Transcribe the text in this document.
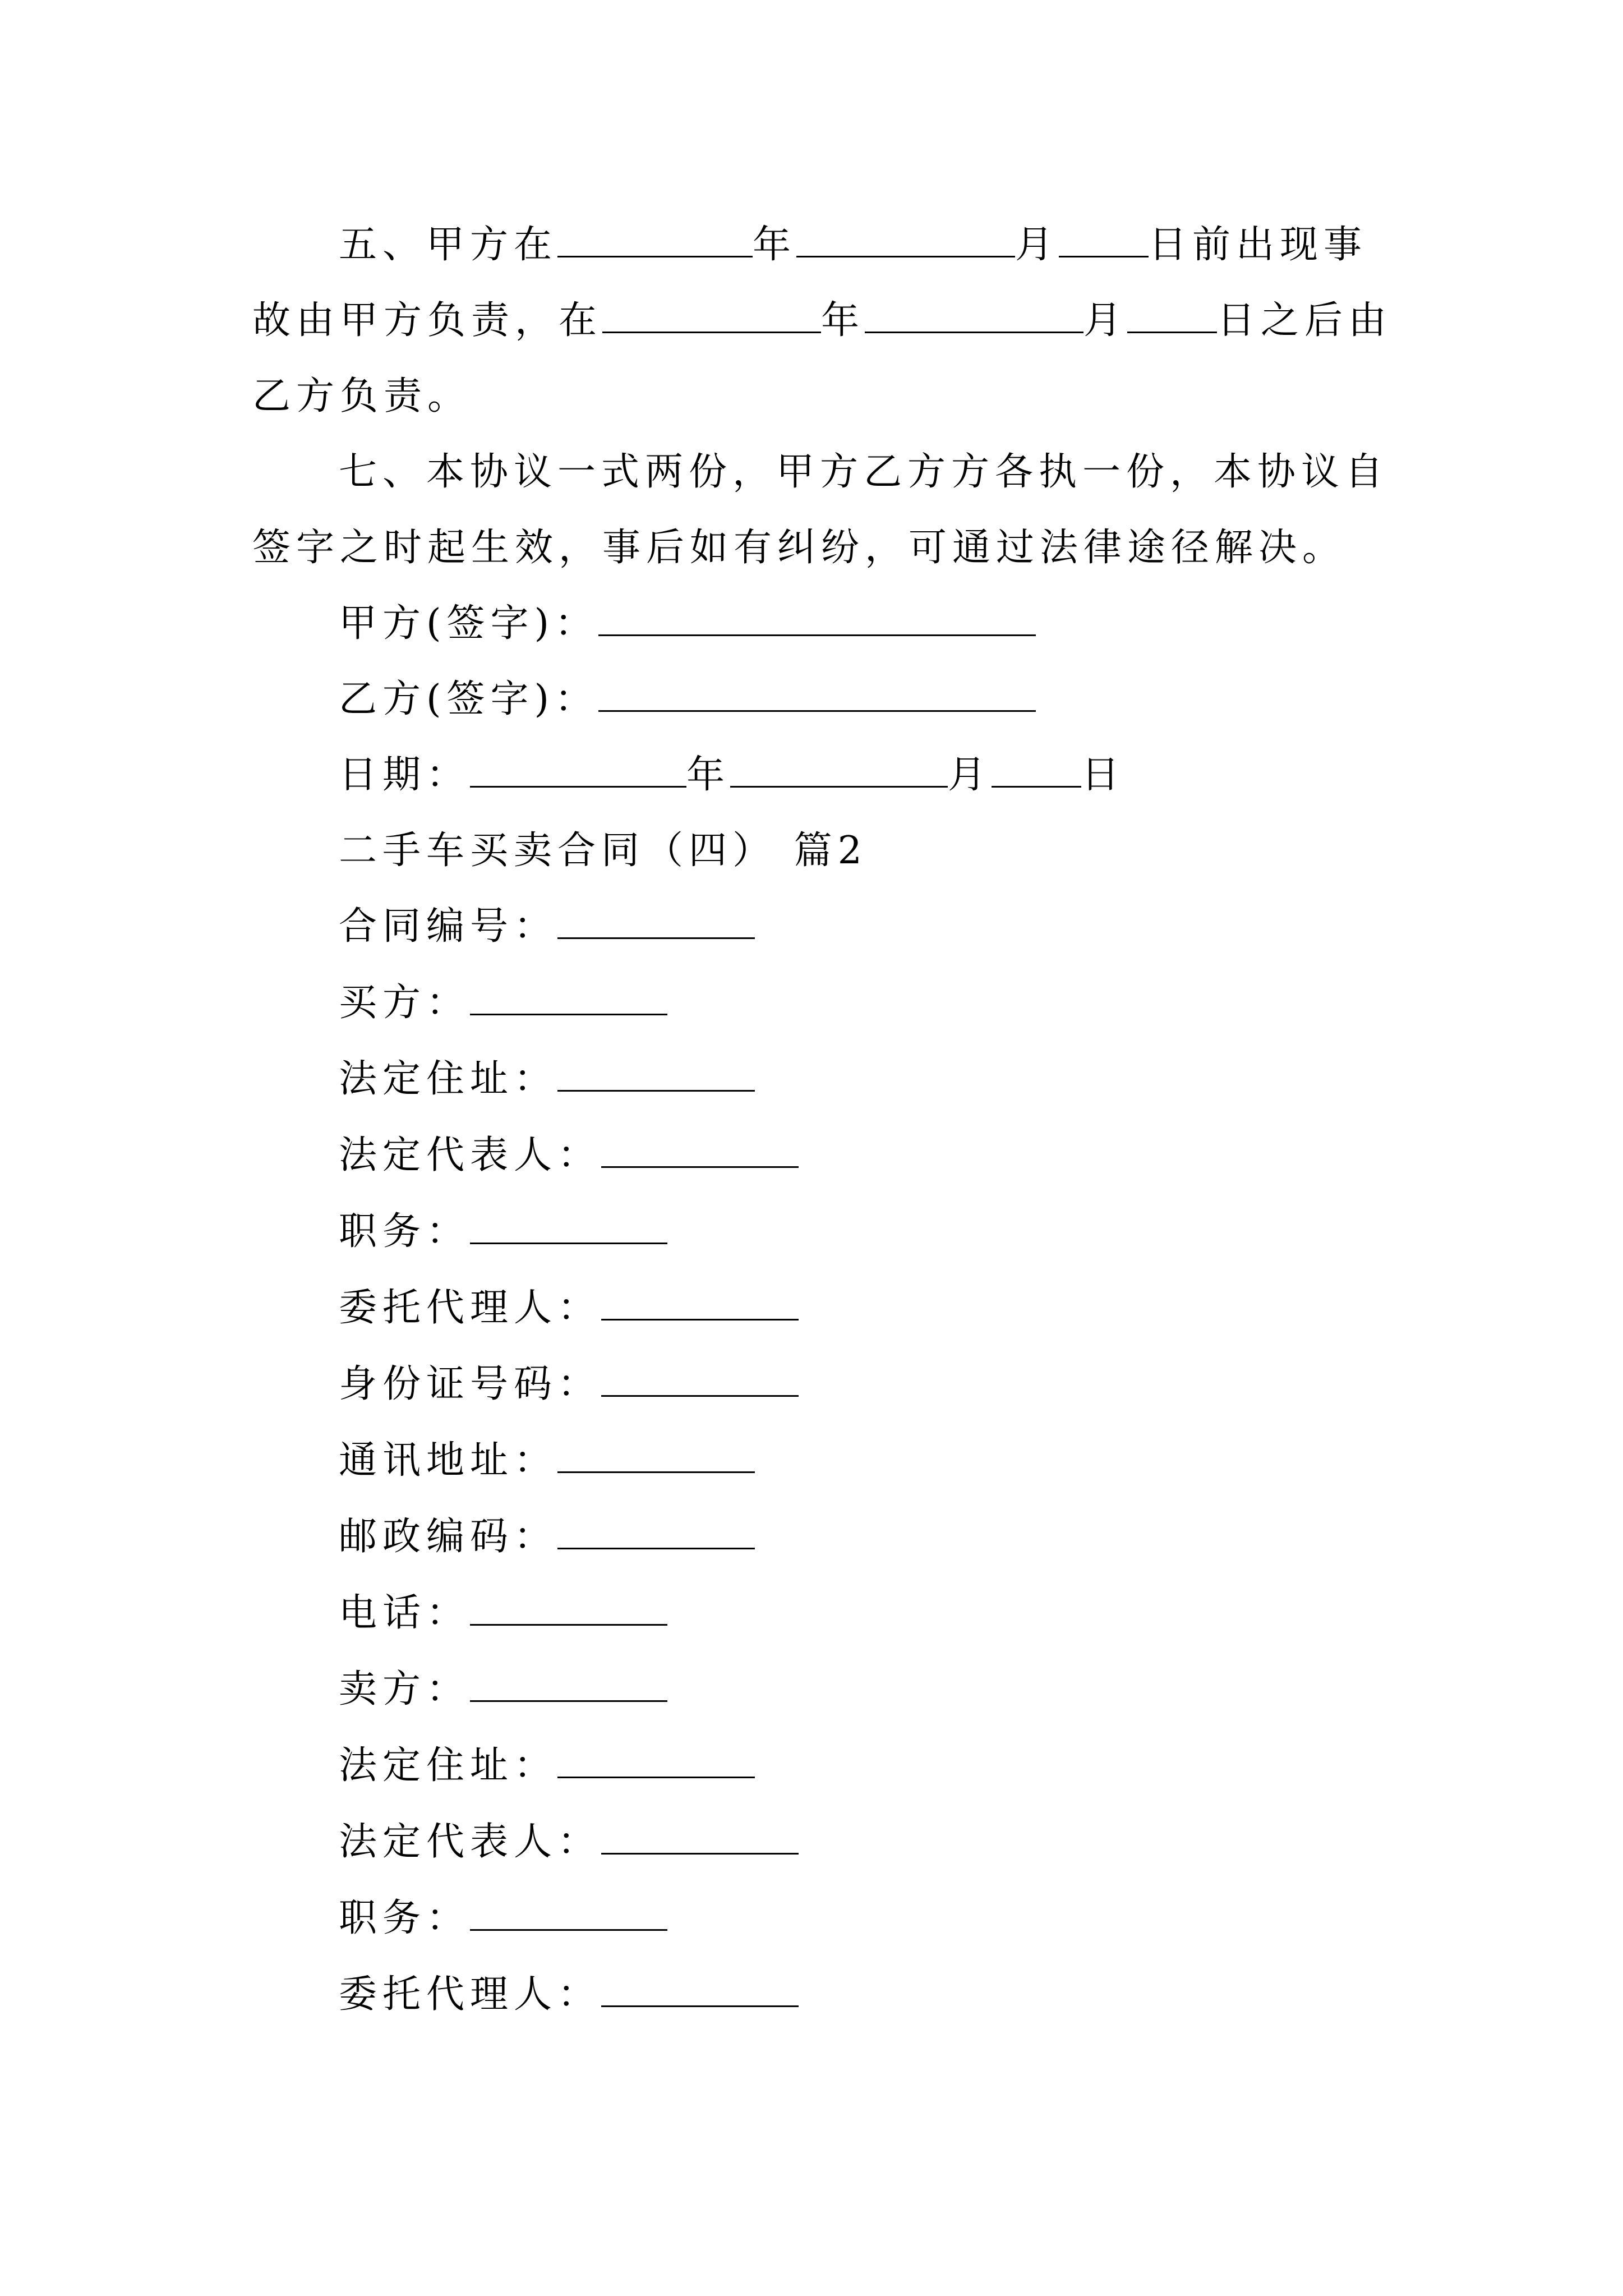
五、甲方在	年	月 日前出现事
故由甲方负责，在	年	月 日之后由
乙方负责。
七、本协议一式两份，甲方乙方方各执一份，本协议自
签字之时起生效，事后如有纠纷，可通过法律途径解决。
甲方(签字)：
乙方(签字)：
日期：	年	月 日
二手车买卖合同（四） 篇2
合同编号：
买方：
法定住址：
法定代表人：
职务：
委托代理人：
身份证号码：
通讯地址：
邮政编码：
电话：
卖方：
法定住址：
法定代表人：
职务：
委托代理人：
